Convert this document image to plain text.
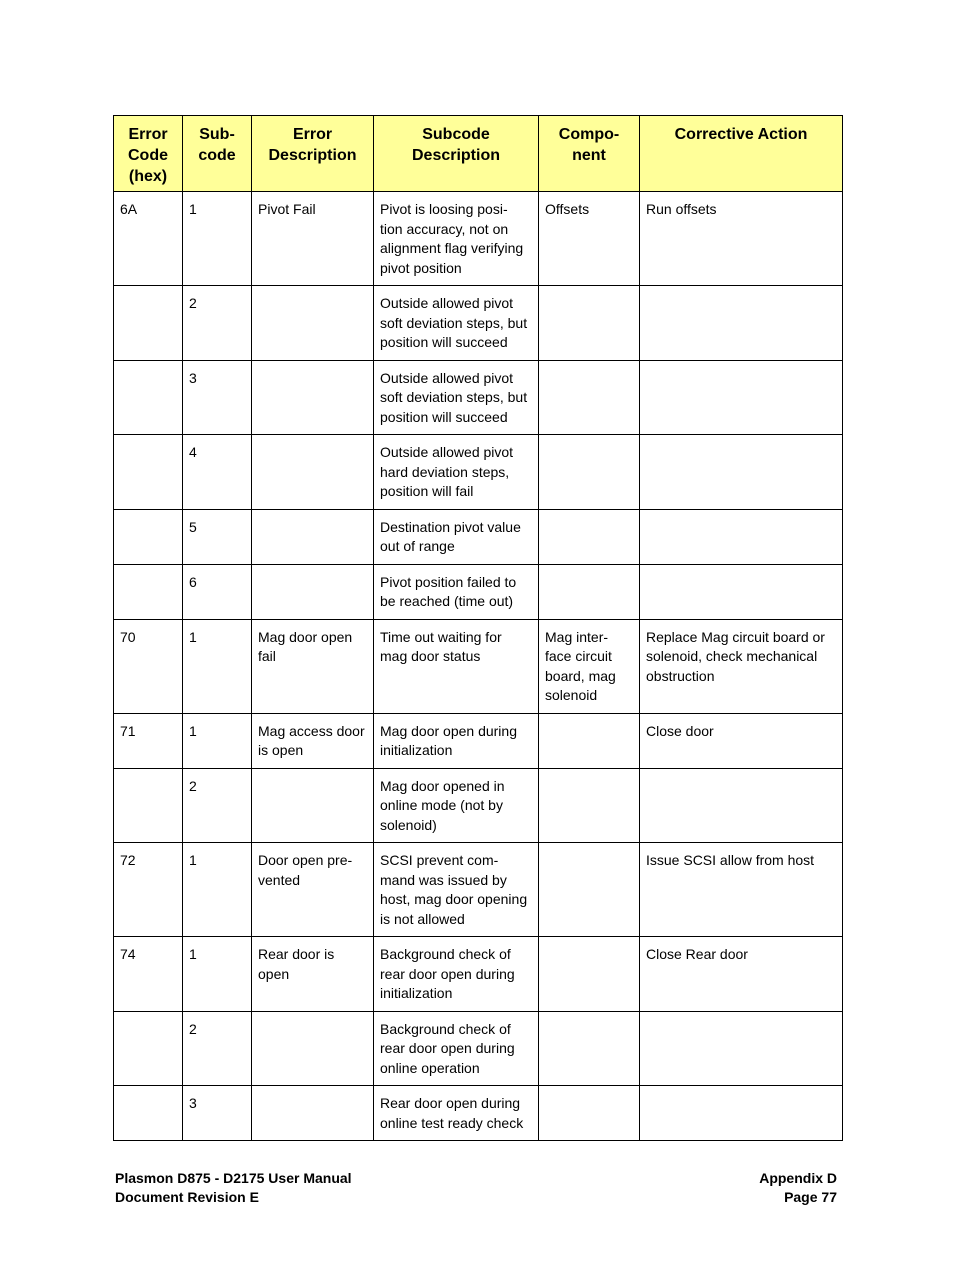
Error Code (hex)	Sub- code	Error Description	Subcode Description	Compo- nent	Corrective Action
6A	1	Pivot Fail	Pivot is loosing posi- tion accuracy, not on alignment flag verifying pivot position	Offsets	Run offsets
	2		Outside allowed pivot soft deviation steps, but position will succeed		
	3		Outside allowed pivot soft deviation steps, but position will succeed		
	4		Outside allowed pivot hard deviation steps, position will fail		
	5		Destination pivot value out of range		
	6		Pivot position failed to be reached (time out)		
70	1	Mag door open fail	Time out waiting for mag door status	Mag inter- face circuit board, mag solenoid	Replace Mag circuit board or solenoid, check mechanical obstruction
71	1	Mag access door is open	Mag door open during initialization		Close door
	2		Mag door opened in online mode (not by solenoid)		
72	1	Door open pre- vented	SCSI prevent com- mand was issued by host, mag door opening is not allowed		Issue SCSI allow from host
74	1	Rear door is open	Background check of rear door open during initialization		Close Rear door
	2		Background check of rear door open during online operation		
	3		Rear door open during online test ready check		
Plasmon D875 - D2175 User Manual
Document Revision E
Appendix D
Page 77
